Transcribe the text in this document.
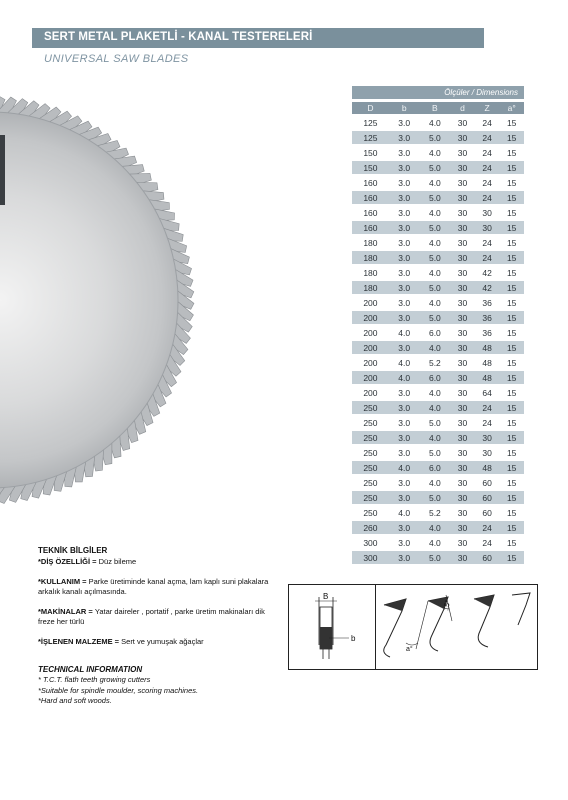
SERT METAL PLAKETLİ - KANAL TESTERELERİ
UNIVERSAL SAW BLADES
Ölçüler / Dimensions
D	b	B	d	Z	a°
125	3.0	4.0	30	24	15
125	3.0	5.0	30	24	15
150	3.0	4.0	30	24	15
150	3.0	5.0	30	24	15
160	3.0	4.0	30	24	15
160	3.0	5.0	30	24	15
160	3.0	4.0	30	30	15
160	3.0	5.0	30	30	15
180	3.0	4.0	30	24	15
180	3.0	5.0	30	24	15
180	3.0	4.0	30	42	15
180	3.0	5.0	30	42	15
200	3.0	4.0	30	36	15
200	3.0	5.0	30	36	15
200	4.0	6.0	30	36	15
200	3.0	4.0	30	48	15
200	4.0	5.2	30	48	15
200	4.0	6.0	30	48	15
200	3.0	4.0	30	64	15
250	3.0	4.0	30	24	15
250	3.0	5.0	30	24	15
250	3.0	4.0	30	30	15
250	3.0	5.0	30	30	15
250	4.0	6.0	30	48	15
250	3.0	4.0	30	60	15
250	3.0	5.0	30	60	15
250	4.0	5.2	30	60	15
260	3.0	4.0	30	24	15
300	3.0	4.0	30	24	15
300	3.0	5.0	30	60	15
TEKNİK BİLGİLER
*DİŞ ÖZELLİĞİ = Düz bileme
*KULLANIM = Parke üretiminde kanal açma, lam kaplı suni plakalara arkalık kanalı açılmasında.
*MAKİNALAR = Yatar daireler , portatif , parke üretim makinaları dik freze her türlü
*İŞLENEN MALZEME = Sert ve yumuşak ağaçlar
TECHNICAL INFORMATION
* T.C.T. flath teeth growing cutters
*Suitable for spindle moulder, scoring machines.
*Hard and soft woods.
B
b
15°
a°
